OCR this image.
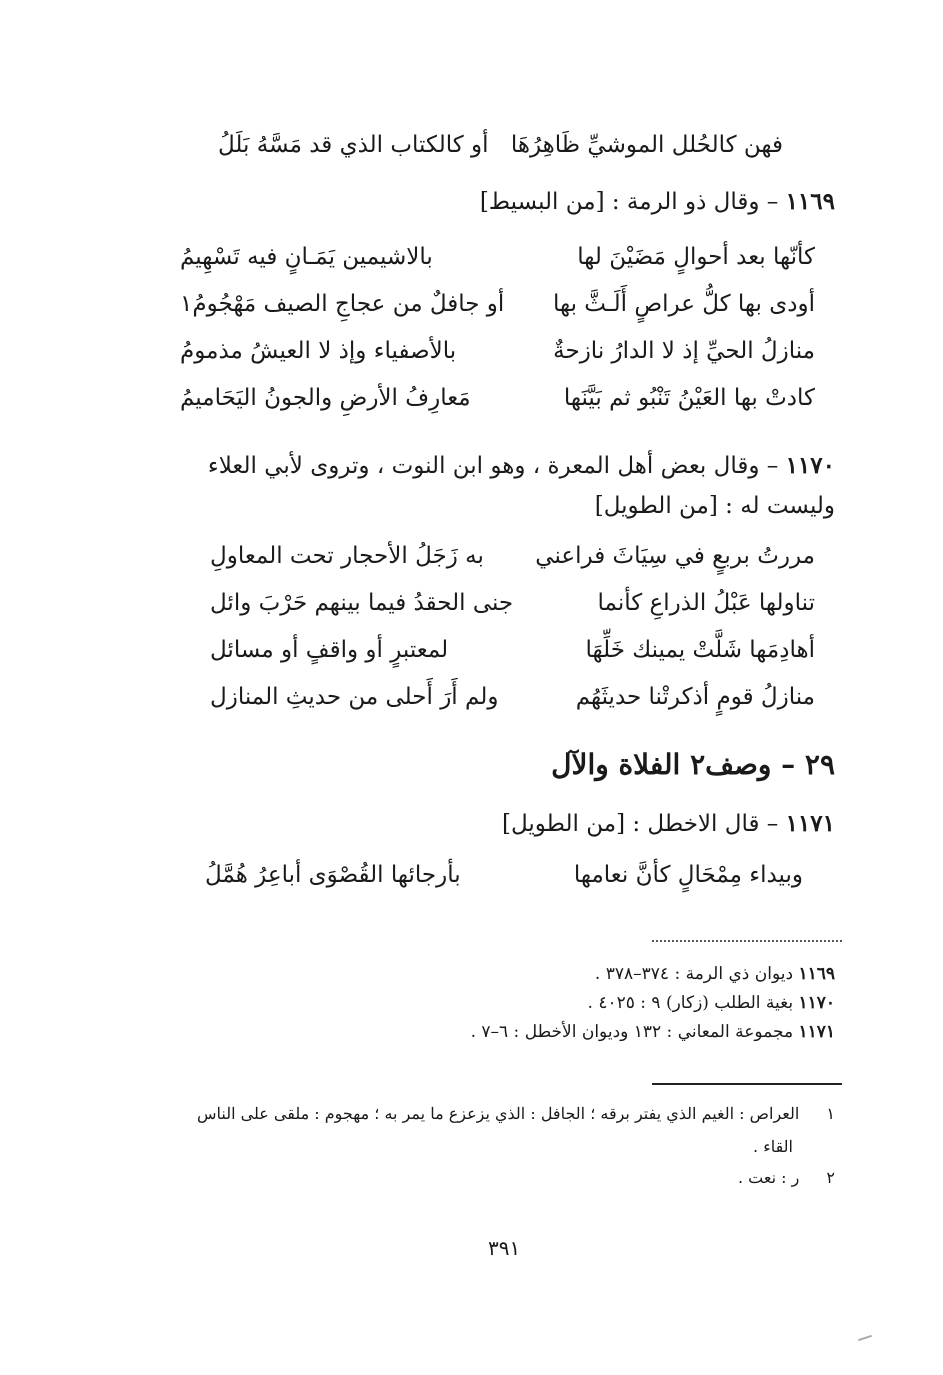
فهن كالحُلل الموشيِّ ظَاهِرُهَا
أو كالكتاب الذي قد مَسَّهُ بَلَلُ
١١٦٩ – وقال ذو الرمة : [من البسيط]
كأنّها بعد أحوالٍ مَضَيْنَ لها
بالاشيمين يَمَـانٍ فيه تَسْهِيمُ
أودى بها كلُّ عراصٍ أَلَـثَّ بها
أو جافلٌ من عجاجِ الصيف مَهْجُومُ١
منازلُ الحيِّ إذ لا الدارُ نازحةٌ
بالأصفياء وإذ لا العيشُ مذمومُ
كادتْ بها العَيْنُ تَنْبُو ثم بَيَّنَها
مَعارِفُ الأرضِ والجونُ اليَحَاميمُ
١١٧٠ – وقال بعض أهل المعرة ، وهو ابن النوت ، وتروى لأبي العلاء
وليست له : [من الطويل]
مررتُ بربعٍ في سِيَاثَ فراعني
به زَجَلُ الأحجار تحت المعاولِ
تناولها عَبْلُ الذراعِ كأنما
جنى الحقدُ فيما بينهم حَرْبَ وائل
أهادِمَها شَلَّتْ يمينك خَلِّهَا
لمعتبرٍ أو واقفٍ أو مسائل
منازلُ قومٍ أذكرتْنا حديثَهُم
ولم أَرَ أَحلى من حديثِ المنازل
٢٩ – وصف٢ الفلاة والآل
١١٧١ – قال الاخطل : [من الطويل]
وبيداء مِمْحَالٍ كأنَّ نعامها
بأرجائها القُصْوَى أباعِرُ هُمَّلُ
١١٦٩ ديوان ذي الرمة : ٣٧٤–٣٧٨ .
١١٧٠ بغية الطلب (زكار) ٩ : ٤٠٢٥ .
١١٧١ مجموعة المعاني : ١٣٢ وديوان الأخطل : ٦–٧ .
١ العراص : الغيم الذي يفتر برقه ؛ الجافل : الذي يزعزع ما يمر به ؛ مهجوم : ملقى على الناس
القاء .
٢ ر : نعت .
٣٩١
